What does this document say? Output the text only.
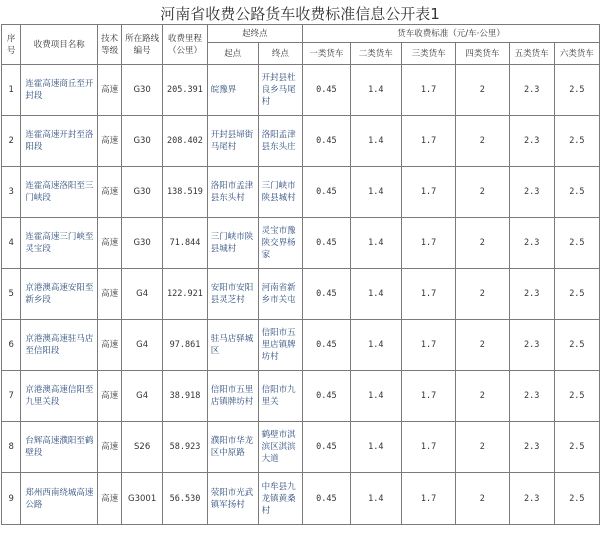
河南省收费公路货车收费标准信息公开表1
序号	收费项目名称	技术等级	所在路线编号	收费里程（公里）	起终点		货车收费标准（元/车·公里）					
					起点	终点	一类货车	二类货车	三类货车	四类货车	五类货车	六类货车
1	连霍高速商丘至开封段	高速	G30	205.391	皖豫界	开封县杜良乡马尾村	0.45	1.4	1.7	2	2.3	2.5
2	连霍高速开封至洛阳段	高速	G30	208.402	开封县埽街马尾村	洛阳孟津县东头庄	0.45	1.4	1.7	2	2.3	2.5
3	连霍高速洛阳至三门峡段	高速	G30	138.519	洛阳市孟津县东头村	三门峡市陕县城村	0.45	1.4	1.7	2	2.3	2.5
4	连霍高速三门峡至灵宝段	高速	G30	71.844	三门峡市陕县城村	灵宝市豫陕交界杨家	0.45	1.4	1.7	2	2.3	2.5
5	京港澳高速安阳至新乡段	高速	G4	122.921	安阳市安阳县灵芝村	河南省新乡市关屯	0.45	1.4	1.7	2	2.3	2.5
6	京港澳高速驻马店至信阳段	高速	G4	97.861	驻马店驿城区	信阳市五里店镇牌坊村	0.45	1.4	1.7	2	2.3	2.5
7	京港澳高速信阳至九里关段	高速	G4	38.918	信阳市五里店镇牌坊村	信阳市九里关	0.45	1.4	1.7	2	2.3	2.5
8	台辉高速濮阳至鹤壁段	高速	S26	58.923	濮阳市华龙区中原路	鹤壁市淇滨区淇滨大道	0.45	1.4	1.7	2	2.3	2.5
9	郑州西南绕城高速公路	高速	G3001	56.530	荥阳市光武镇军扬村	中牟县九龙镇黄桑村	0.45	1.4	1.7	2	2.3	2.5
